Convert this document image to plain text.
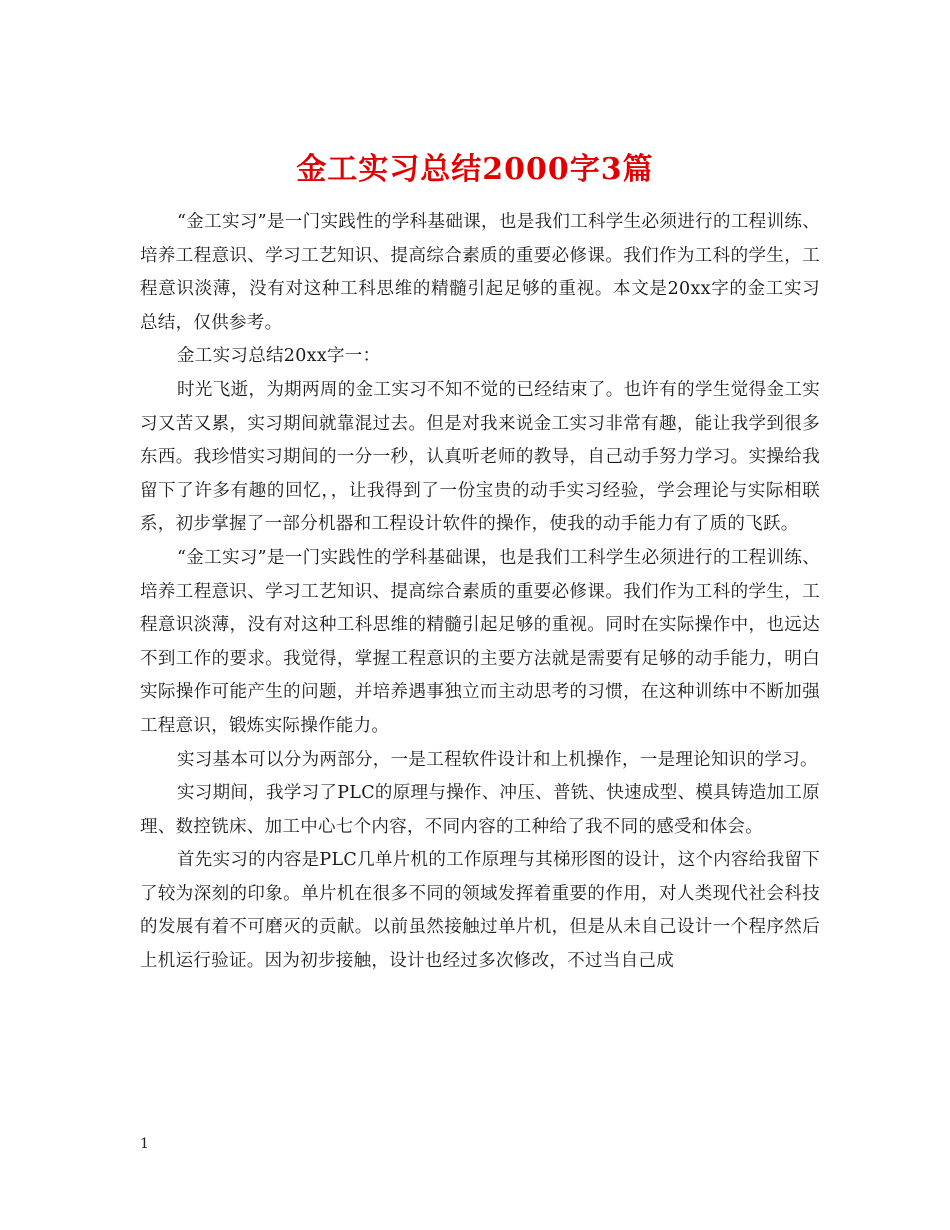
金工实习总结2000字3篇

“金工实习”是一门实践性的学科基础课，也是我们工科学生必须进行的工程训练、培养工程意识、学习工艺知识、提高综合素质的重要必修课。我们作为工科的学生，工程意识淡薄，没有对这种工科思维的精髓引起足够的重视。本文是20xx字的金工实习总结，仅供参考。

金工实习总结20xx字一：

时光飞逝，为期两周的金工实习不知不觉的已经结束了。也许有的学生觉得金工实习又苦又累，实习期间就靠混过去。但是对我来说金工实习非常有趣，能让我学到很多东西。我珍惜实习期间的一分一秒，认真听老师的教导，自己动手努力学习。实操给我留下了许多有趣的回忆，，让我得到了一份宝贵的动手实习经验，学会理论与实际相联系，初步掌握了一部分机器和工程设计软件的操作，使我的动手能力有了质的飞跃。

“金工实习”是一门实践性的学科基础课，也是我们工科学生必须进行的工程训练、培养工程意识、学习工艺知识、提高综合素质的重要必修课。我们作为工科的学生，工程意识淡薄，没有对这种工科思维的精髓引起足够的重视。同时在实际操作中，也远达不到工作的要求。我觉得，掌握工程意识的主要方法就是需要有足够的动手能力，明白实际操作可能产生的问题，并培养遇事独立而主动思考的习惯，在这种训练中不断加强工程意识，锻炼实际操作能力。

实习基本可以分为两部分，一是工程软件设计和上机操作，一是理论知识的学习。

实习期间，我学习了PLC的原理与操作、冲压、普铣、快速成型、模具铸造加工原理、数控铣床、加工中心七个内容，不同内容的工种给了我不同的感受和体会。

首先实习的内容是PLC几单片机的工作原理与其梯形图的设计，这个内容给我留下了较为深刻的印象。单片机在很多不同的领域发挥着重要的作用，对人类现代社会科技的发展有着不可磨灭的贡献。以前虽然接触过单片机，但是从未自己设计一个程序然后上机运行验证。因为初步接触，设计也经过多次修改，不过当自己成

1
